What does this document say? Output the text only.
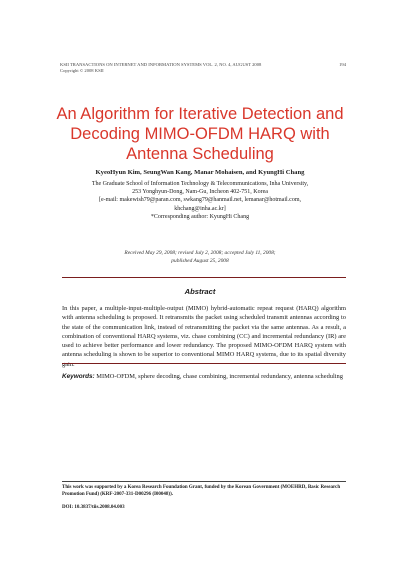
KSII TRANSACTIONS ON INTERNET AND INFORMATION SYSTEMS VOL. 2, NO. 4, AUGUST 2008	194
Copyright © 2008 KSII
An Algorithm for Iterative Detection and Decoding MIMO-OFDM HARQ with Antenna Scheduling
KyeoHyun Kim, SeungWan Kang, Manar Mohaisen, and KyungHi Chang
The Graduate School of Information Technology & Telecommunications, Inha University,
253 Yonghyun-Dong, Nam-Gu, Incheon 402-751, Korea
[e-mail: makewish79@paran.com, swkang79@hanmail.net, lemanar@hotmail.com,
khchang@inha.ac.kr]
*Corresponding author: KyungHi Chang
Received May 29, 2008; revised July 2, 2008; accepted July 11, 2008;
published August 25, 2008
Abstract
In this paper, a multiple-input-multiple-output (MIMO) hybrid-automatic repeat request (HARQ) algorithm with antenna scheduling is proposed. It retransmits the packet using scheduled transmit antennas according to the state of the communication link, instead of retransmitting the packet via the same antennas. As a result, a combination of conventional HARQ systems, viz. chase combining (CC) and incremental redundancy (IR) are used to achieve better performance and lower redundancy. The proposed MIMO-OFDM HARQ system with antenna scheduling is shown to be superior to conventional MIMO HARQ systems, due to its spatial diversity gain.
Keywords: MIMO-OFDM, sphere decoding, chase combining, incremental redundancy, antenna scheduling
This work was supported by a Korea Research Foundation Grant, funded by the Korean Government (MOEHRD, Basic Research Promotion Fund) (KRF-2007-331-D00296 (I00048)).
DOI: 10.3837/tiis.2008.04.003
